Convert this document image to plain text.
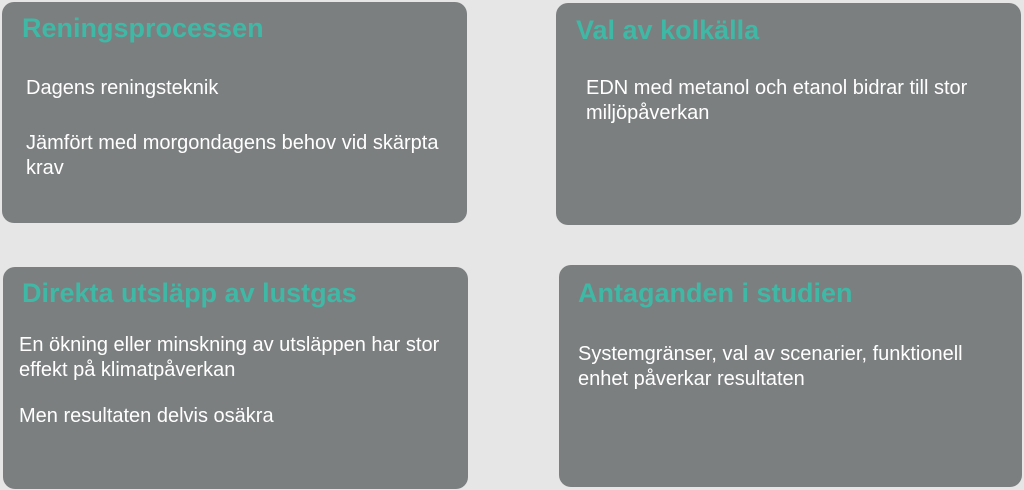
Reningsprocessen

Dagens reningsteknik

Jämfört med morgondagens behov vid skärpta krav

Val av kolkälla

EDN med metanol och etanol bidrar till stor miljöpåverkan

Direkta utsläpp av lustgas

En ökning eller minskning av utsläppen har stor effekt på klimatpåverkan

Men resultaten delvis osäkra

Antaganden i studien

Systemgränser, val av scenarier, funktionell enhet påverkar resultaten
